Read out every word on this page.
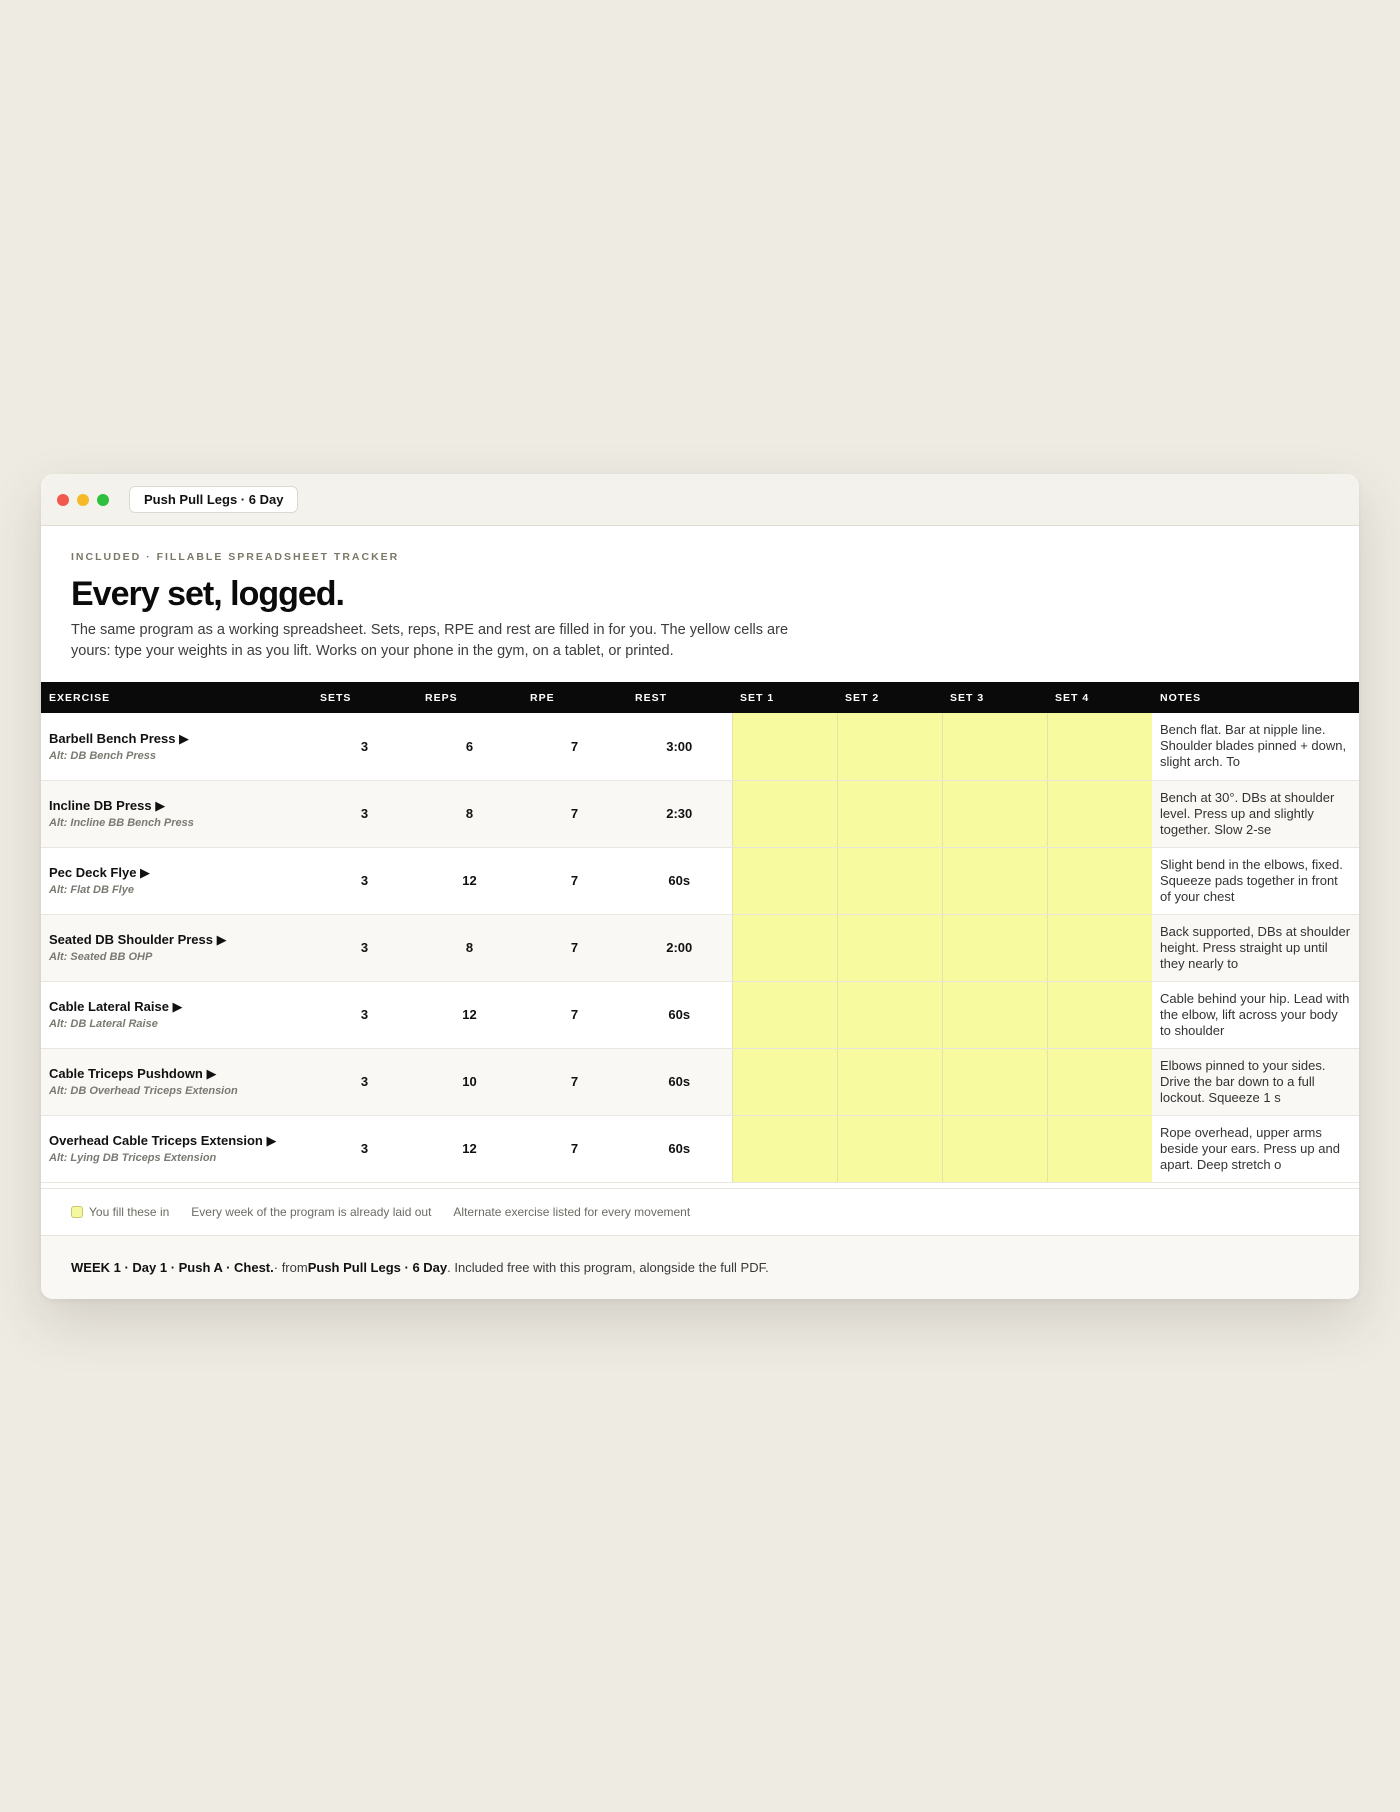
Push Pull Legs · 6 Day
INCLUDED · FILLABLE SPREADSHEET TRACKER
Every set, logged.
The same program as a working spreadsheet. Sets, reps, RPE and rest are filled in for you. The yellow cells are yours: type your weights in as you lift. Works on your phone in the gym, on a tablet, or printed.
EXERCISE	SETS	REPS	RPE	REST	SET 1	SET 2	SET 3	SET 4	NOTES

Barbell Bench Press ▶
Alt: DB Bench Press	3	6	7	3:00					Bench flat. Bar at nipple line. Shoulder blades pinned + down, slight arch. To

Incline DB Press ▶
Alt: Incline BB Bench Press	3	8	7	2:30					Bench at 30°. DBs at shoulder level. Press up and slightly together. Slow 2-se

Pec Deck Flye ▶
Alt: Flat DB Flye	3	12	7	60s					Slight bend in the elbows, fixed. Squeeze pads together in front of your chest

Seated DB Shoulder Press ▶
Alt: Seated BB OHP	3	8	7	2:00					Back supported, DBs at shoulder height. Press straight up until they nearly to

Cable Lateral Raise ▶
Alt: DB Lateral Raise	3	12	7	60s					Cable behind your hip. Lead with the elbow, lift across your body to shoulder

Cable Triceps Pushdown ▶
Alt: DB Overhead Triceps Extension	3	10	7	60s					Elbows pinned to your sides. Drive the bar down to a full lockout. Squeeze 1 s

Overhead Cable Triceps Extension ▶
Alt: Lying DB Triceps Extension	3	12	7	60s					Rope overhead, upper arms beside your ears. Press up and apart. Deep stretch o
You fill these in Every week of the program is already laid out Alternate exercise listed for every movement
WEEK 1 · Day 1 · Push A · Chest. · from Push Pull Legs · 6 Day . Included free with this program, alongside the full PDF.
